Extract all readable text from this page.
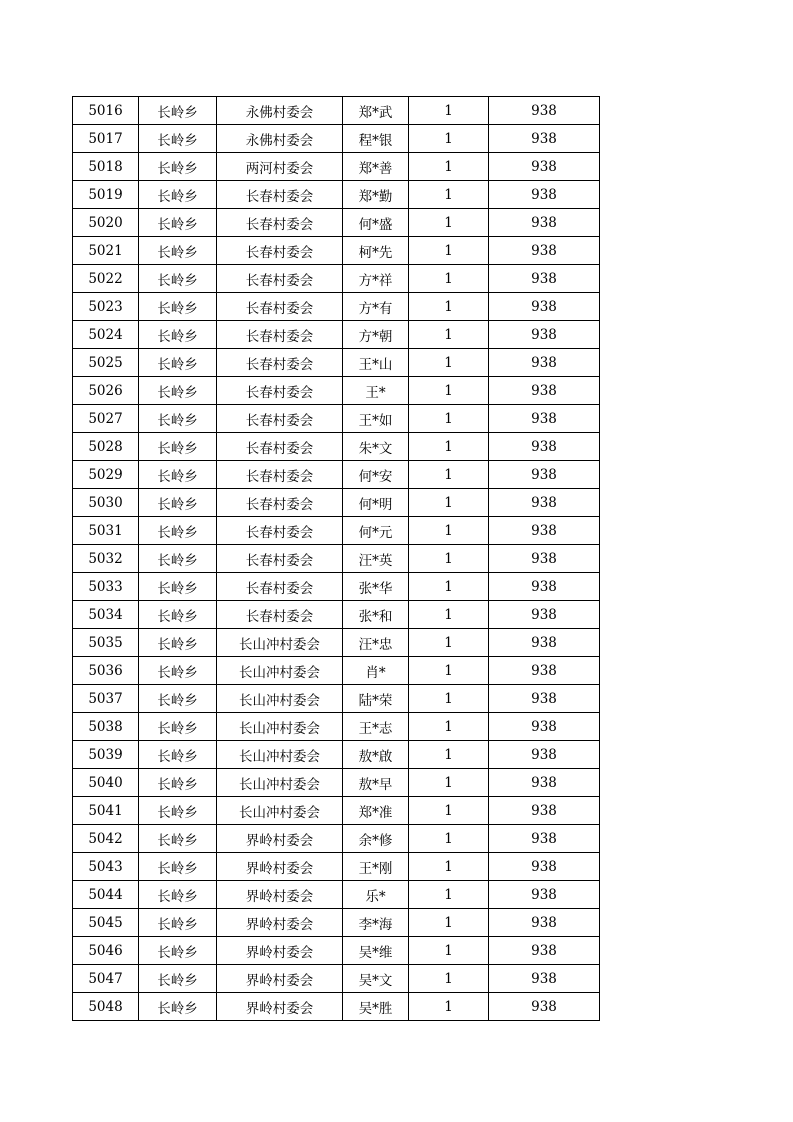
5016	长岭乡	永佛村委会	郑*武	1	938
5017	长岭乡	永佛村委会	程*银	1	938
5018	长岭乡	两河村委会	郑*善	1	938
5019	长岭乡	长春村委会	郑*勤	1	938
5020	长岭乡	长春村委会	何*盛	1	938
5021	长岭乡	长春村委会	柯*先	1	938
5022	长岭乡	长春村委会	方*祥	1	938
5023	长岭乡	长春村委会	方*有	1	938
5024	长岭乡	长春村委会	方*朝	1	938
5025	长岭乡	长春村委会	王*山	1	938
5026	长岭乡	长春村委会	王*	1	938
5027	长岭乡	长春村委会	王*如	1	938
5028	长岭乡	长春村委会	朱*文	1	938
5029	长岭乡	长春村委会	何*安	1	938
5030	长岭乡	长春村委会	何*明	1	938
5031	长岭乡	长春村委会	何*元	1	938
5032	长岭乡	长春村委会	汪*英	1	938
5033	长岭乡	长春村委会	张*华	1	938
5034	长岭乡	长春村委会	张*和	1	938
5035	长岭乡	长山冲村委会	汪*忠	1	938
5036	长岭乡	长山冲村委会	肖*	1	938
5037	长岭乡	长山冲村委会	陆*荣	1	938
5038	长岭乡	长山冲村委会	王*志	1	938
5039	长岭乡	长山冲村委会	敖*啟	1	938
5040	长岭乡	长山冲村委会	敖*早	1	938
5041	长岭乡	长山冲村委会	郑*准	1	938
5042	长岭乡	界岭村委会	余*修	1	938
5043	长岭乡	界岭村委会	王*刚	1	938
5044	长岭乡	界岭村委会	乐*	1	938
5045	长岭乡	界岭村委会	李*海	1	938
5046	长岭乡	界岭村委会	吴*维	1	938
5047	长岭乡	界岭村委会	吴*文	1	938
5048	长岭乡	界岭村委会	吴*胜	1	938
